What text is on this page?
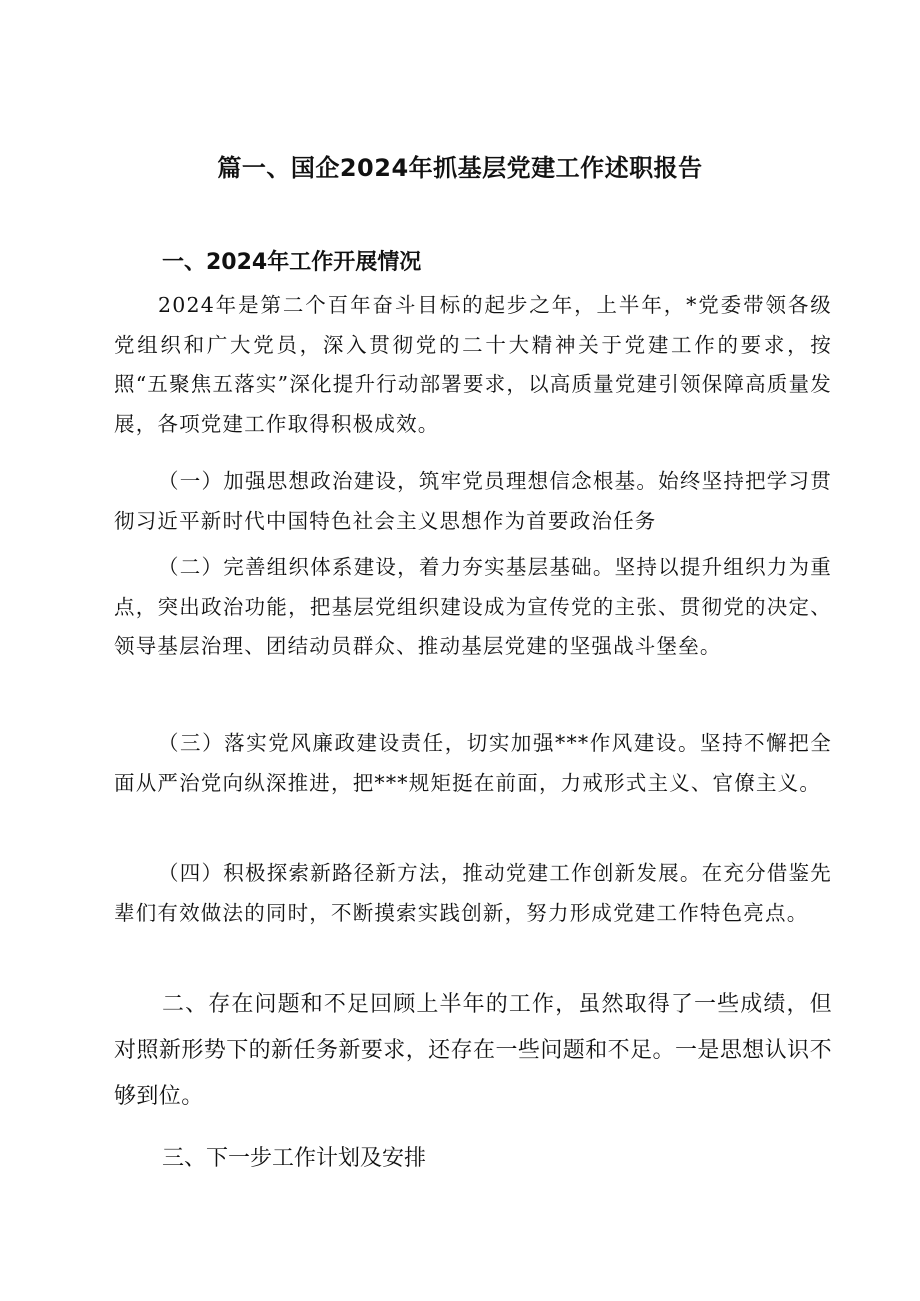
篇一、国企2024年抓基层党建工作述职报告
一、2024年工作开展情况

2024年是第二个百年奋斗目标的起步之年，上半年，*党委带领各级党组织和广大党员，深入贯彻党的二十大精神关于党建工作的要求，按照“五聚焦五落实”深化提升行动部署要求，以高质量党建引领保障高质量发展，各项党建工作取得积极成效。

（一）加强思想政治建设，筑牢党员理想信念根基。始终坚持把学习贯彻习近平新时代中国特色社会主义思想作为首要政治任务

（二）完善组织体系建设，着力夯实基层基础。坚持以提升组织力为重点，突出政治功能，把基层党组织建设成为宣传党的主张、贯彻党的决定、领导基层治理、团结动员群众、推动基层党建的坚强战斗堡垒。

（三）落实党风廉政建设责任，切实加强***作风建设。坚持不懈把全面从严治党向纵深推进，把***规矩挺在前面，力戒形式主义、官僚主义。

（四）积极探索新路径新方法，推动党建工作创新发展。在充分借鉴先辈们有效做法的同时，不断摸索实践创新，努力形成党建工作特色亮点。

二、存在问题和不足回顾上半年的工作，虽然取得了一些成绩，但对照新形势下的新任务新要求，还存在一些问题和不足。一是思想认识不够到位。

三、下一步工作计划及安排
